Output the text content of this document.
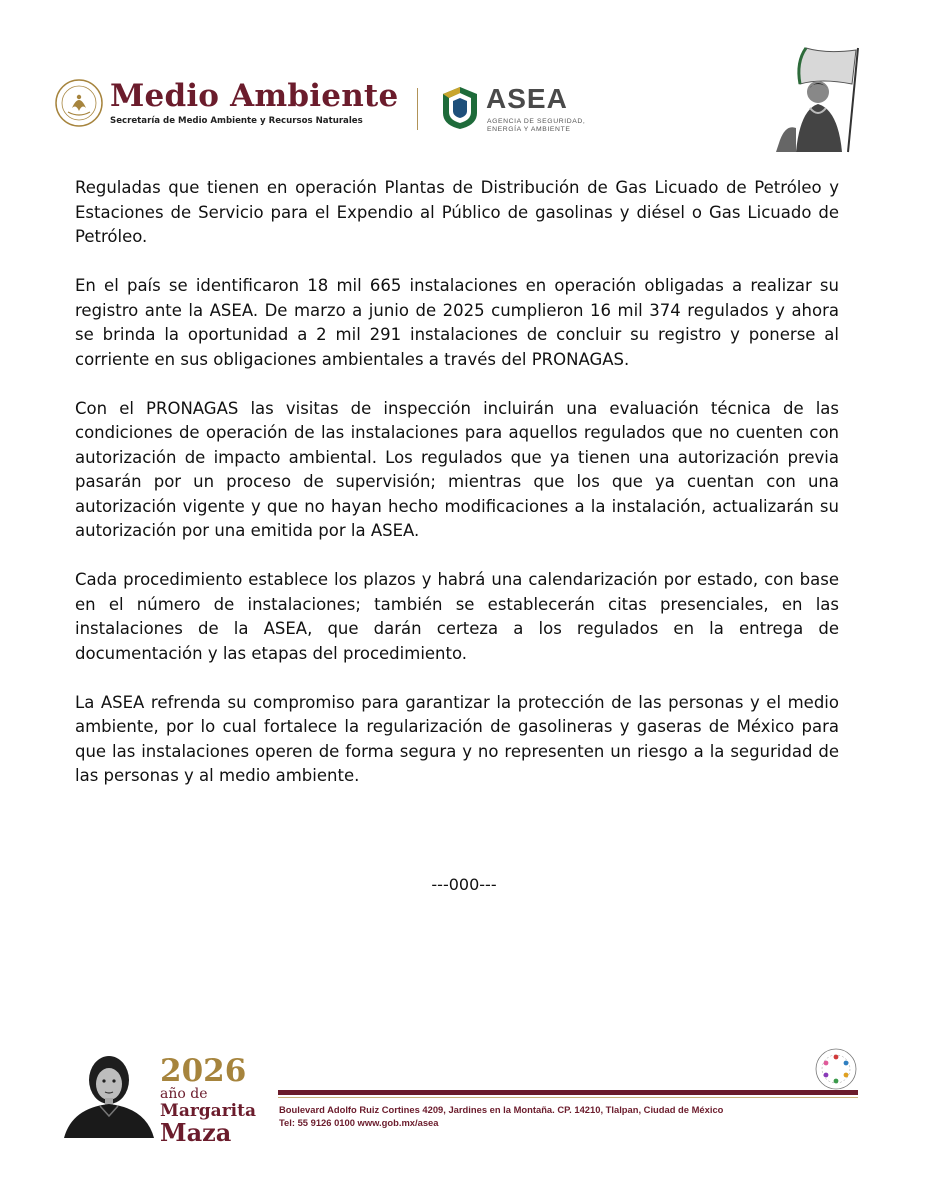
Medio Ambiente
Secretaría de Medio Ambiente y Recursos Naturales
ASEA
AGENCIA DE SEGURIDAD,
ENERGÍA Y AMBIENTE

Reguladas que tienen en operación Plantas de Distribución de Gas Licuado de Petróleo y Estaciones de Servicio para el Expendio al Público de gasolinas y diésel o Gas Licuado de Petróleo.

En el país se identificaron 18 mil 665 instalaciones en operación obligadas a realizar su registro ante la ASEA. De marzo a junio de 2025 cumplieron 16 mil 374 regulados y ahora se brinda la oportunidad a 2 mil 291 instalaciones de concluir su registro y ponerse al corriente en sus obligaciones ambientales a través del PRONAGAS.

Con el PRONAGAS las visitas de inspección incluirán una evaluación técnica de las condiciones de operación de las instalaciones para aquellos regulados que no cuenten con autorización de impacto ambiental. Los regulados que ya tienen una autorización previa pasarán por un proceso de supervisión; mientras que los que ya cuentan con una autorización vigente y que no hayan hecho modificaciones a la instalación, actualizarán su autorización por una emitida por la ASEA.

Cada procedimiento establece los plazos y habrá una calendarización por estado, con base en el número de instalaciones; también se establecerán citas presenciales, en las instalaciones de la ASEA, que darán certeza a los regulados en la entrega de documentación y las etapas del procedimiento.

La ASEA refrenda su compromiso para garantizar la protección de las personas y el medio ambiente, por lo cual fortalece la regularización de gasolineras y gaseras de México para que las instalaciones operen de forma segura y no representen un riesgo a la seguridad de las personas y al medio ambiente.

---000---
2026
año de
Margarita
Maza
Boulevard Adolfo Ruiz Cortines 4209, Jardines en la Montaña. CP. 14210, Tlalpan, Ciudad de México
Tel: 55 9126 0100 www.gob.mx/asea
